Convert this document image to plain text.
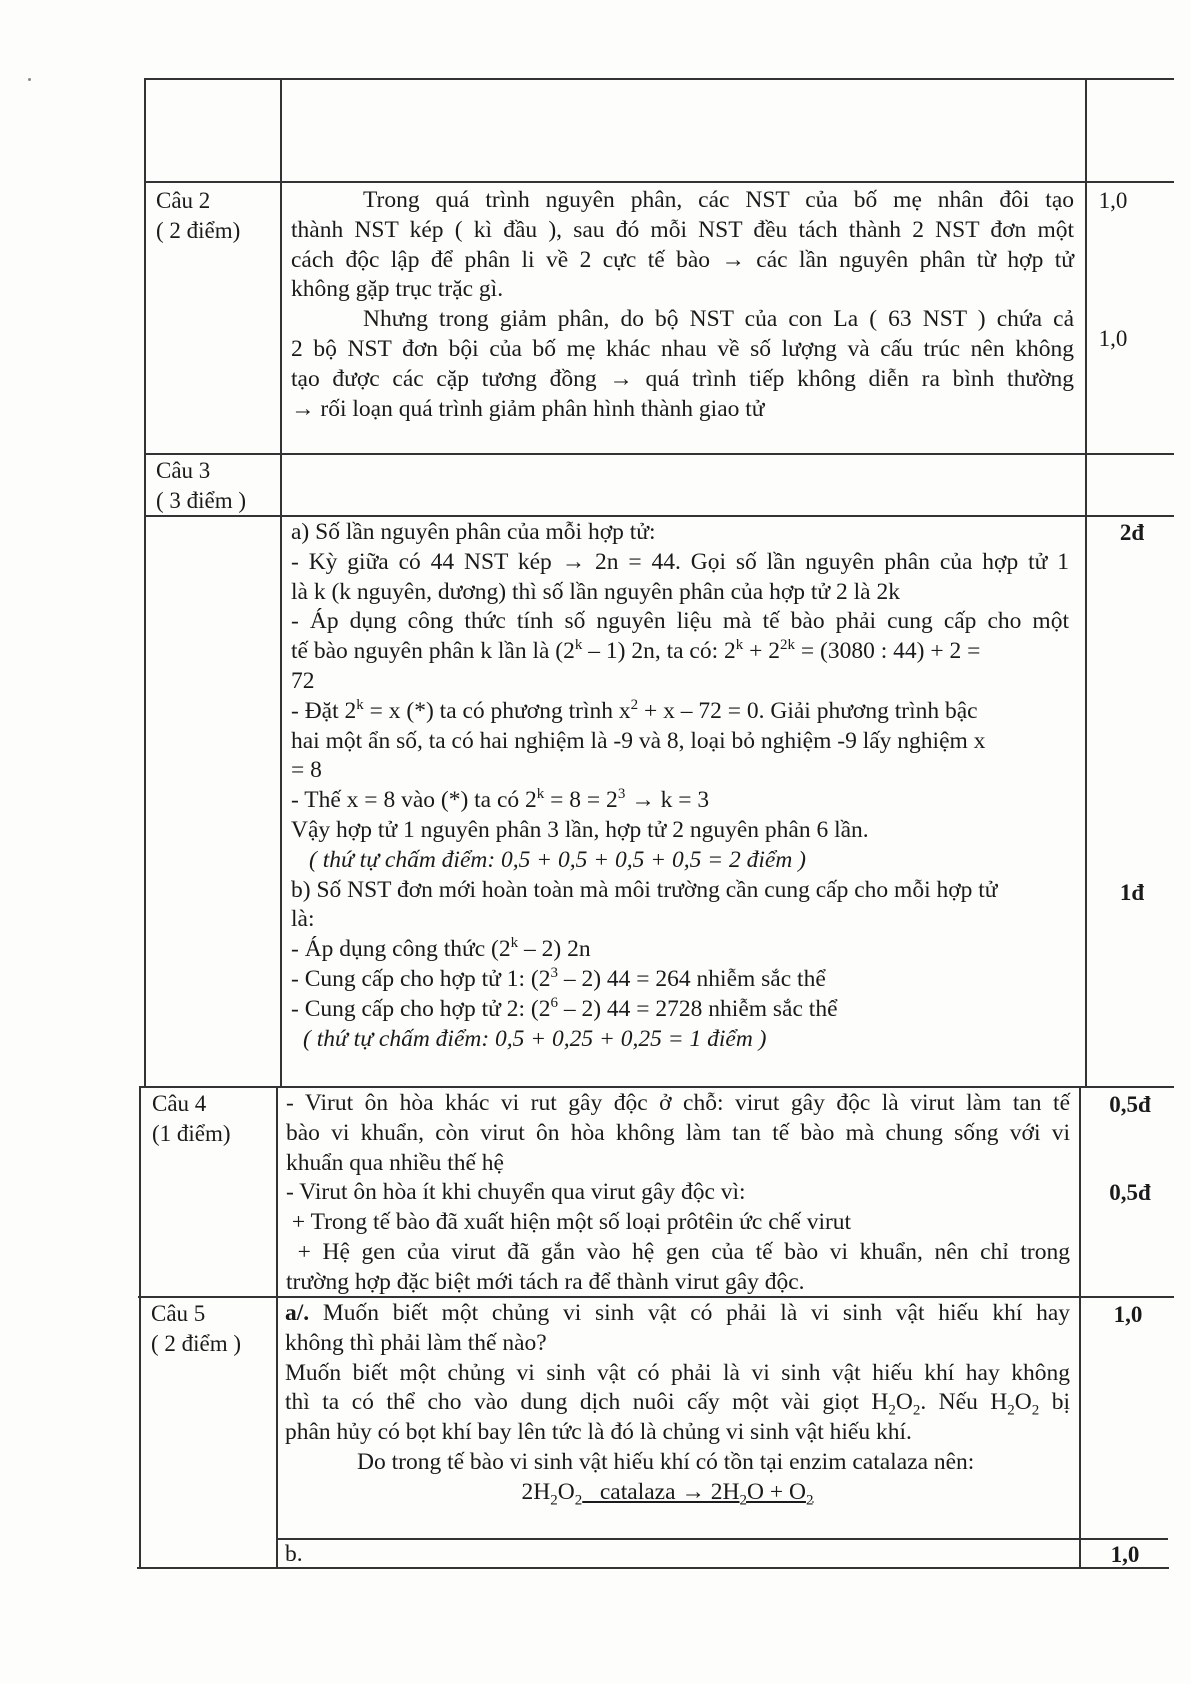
Câu 2
( 2 điểm)
1,0
1,0
Trong quá trình nguyên phân, các NST của bố mẹ nhân đôi tạo
thành NST kép ( kì đầu ), sau đó mỗi NST đều tách thành 2 NST đơn một
cách độc lập để phân li về 2 cực tế bào → các lần nguyên phân từ hợp tử
không gặp trục trặc gì.
Nhưng trong giảm phân, do bộ NST của con La ( 63 NST ) chứa cả
2 bộ NST đơn bội của bố mẹ khác nhau về số lượng và cấu trúc nên không
tạo được các cặp tương đồng → quá trình tiếp không diễn ra bình thường
→ rối loạn quá trình giảm phân hình thành giao tử
Câu 3
( 3 điểm )
2đ
1đ
a) Số lần nguyên phân của mỗi hợp tử:
- Kỳ giữa có 44 NST kép → 2n = 44. Gọi số lần nguyên phân của hợp tử 1
là k (k nguyên, dương) thì số lần nguyên phân của hợp tử 2 là 2k
- Áp dụng công thức tính số nguyên liệu mà tế bào phải cung cấp cho một
tế bào nguyên phân k lần là (2$^k$ – 1) 2n, ta có: $2^k + 2^{2k} = (3080$ : 44) + 2 =
72
- Đặt $2^k = x$ (*) ta có phương trình $x^2 + x - 72 = 0$. Giải phương trình bậc
hai một ẩn số, ta có hai nghiệm là -9 và 8, loại bỏ nghiệm -9 lấy nghiệm x
= 8
- Thế x = 8 vào (*) ta có $2^k = 8 = 2^3 \to k = 3$
Vậy hợp tử 1 nguyên phân 3 lần, hợp tử 2 nguyên phân 6 lần.
( thứ tự chấm điểm: 0,5 + 0,5 + 0,5 + 0,5 = 2 điểm )
b) Số NST đơn mới hoàn toàn mà môi trường cần cung cấp cho mỗi hợp tử
là:
- Áp dụng công thức (2$^k$ – 2) 2n
- Cung cấp cho hợp tử 1: $(2^3 - 2) 44 = 264$ nhiễm sắc thể
- Cung cấp cho hợp tử 2: $(2^6 - 2) 44 = 2728$ nhiễm sắc thể
( thứ tự chấm điểm: 0,5 + 0,25 + 0,25 = 1 điểm )
Câu 4
(1 điểm)
0,5đ
0,5đ
- Virut ôn hòa khác vi rut gây độc ở chỗ: virut gây độc là virut làm tan tế
bào vi khuẩn, còn virut ôn hòa không làm tan tế bào mà chung sống với vi
khuẩn qua nhiều thế hệ
- Virut ôn hòa ít khi chuyển qua virut gây độc vì:
+ Trong tế bào đã xuất hiện một số loại prôtêin ức chế virut
+ Hệ gen của virut đã gắn vào hệ gen của tế bào vi khuẩn, nên chỉ trong
trường hợp đặc biệt mới tách ra để thành virut gây độc.
Câu 5
( 2 điểm )
1,0
1,0
a/. Muốn biết một chủng vi sinh vật có phải là vi sinh vật hiếu khí hay
không thì phải làm thế nào?
Muốn biết một chủng vi sinh vật có phải là vi sinh vật hiếu khí hay không
thì ta có thể cho vào dung dịch nuôi cấy một vài giọt $H_2O_2$. Nếu $H_2O_2$ bị
phân hủy có bọt khí bay lên tức là đó là chủng vi sinh vật hiếu khí.
Do trong tế bào vi sinh vật hiếu khí có tồn tại enzim catalaza nên:
$2H_2O_2$   catalaza → $2H_2O + O_2$
b.
